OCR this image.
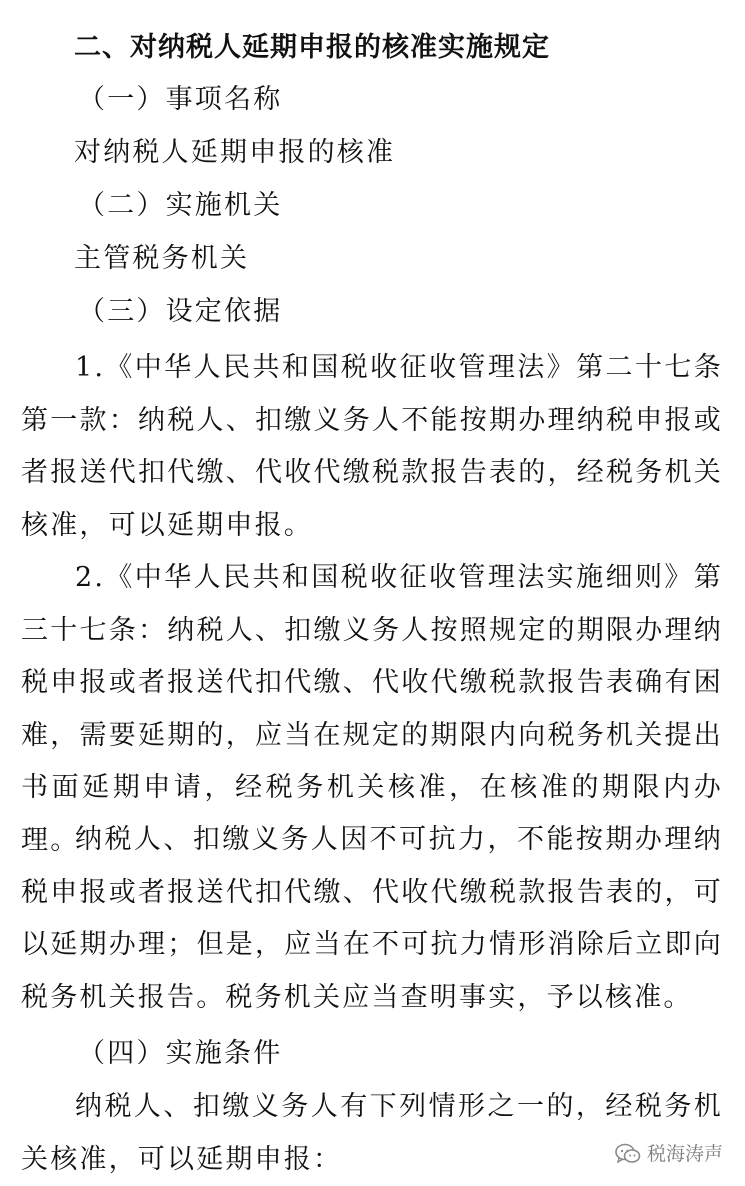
二、对纳税人延期申报的核准实施规定
（一）事项名称
对纳税人延期申报的核准
（二）实施机关
主管税务机关
（三）设定依据
1.《中华人民共和国税收征收管理法》第二十七条第一款：纳税人、扣缴义务人不能按期办理纳税申报或者报送代扣代缴、代收代缴税款报告表的，经税务机关核准，可以延期申报。
2.《中华人民共和国税收征收管理法实施细则》第三十七条：纳税人、扣缴义务人按照规定的期限办理纳税申报或者报送代扣代缴、代收代缴税款报告表确有困难，需要延期的，应当在规定的期限内向税务机关提出书面延期申请，经税务机关核准，在核准的期限内办理。
纳税人、扣缴义务人因不可抗力，不能按期办理纳税申报或者报送代扣代缴、代收代缴税款报告表的，可以延期办理；但是，应当在不可抗力情形消除后立即向税务机关报告。税务机关应当查明事实，予以核准。
（四）实施条件
纳税人、扣缴义务人有下列情形之一的，经税务机关核准，可以延期申报：	税海涛声
